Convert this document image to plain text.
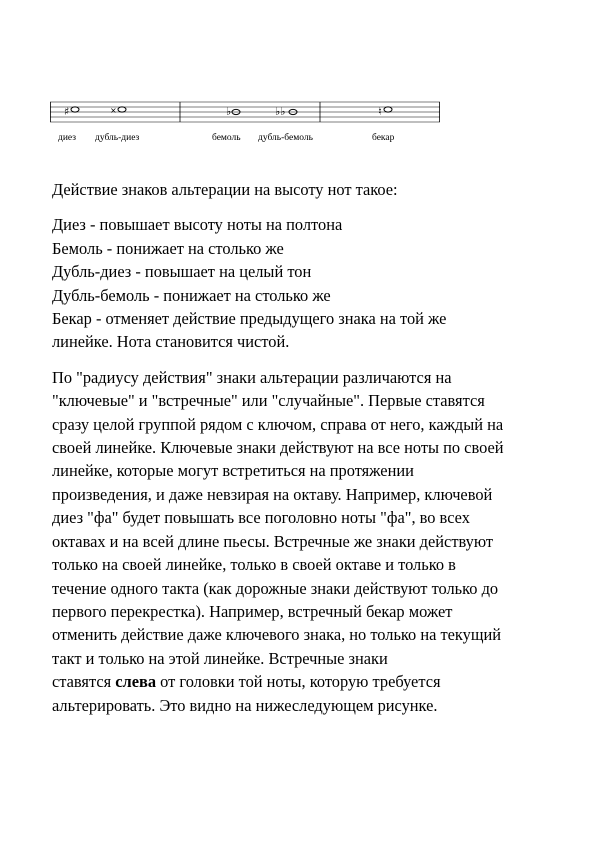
♯	×	♭	♭♭	♮
диез дубль-диез	бемоль дубль-бемоль	бекар

Действие знаков альтерации на высоту нот такое:

Диез - повышает высоту ноты на полтона
Бемоль - понижает на столько же
Дубль-диез - повышает на целый тон
Дубль-бемоль - понижает на столько же
Бекар - отменяет действие предыдущего знака на той же
линейке. Нота становится чистой.
По "радиусу действия" знаки альтерации различаются на
"ключевые" и "встречные" или "случайные". Первые ставятся
сразу целой группой рядом с ключом, справа от него, каждый на
своей линейке. Ключевые знаки действуют на все ноты по своей
линейке, которые могут встретиться на протяжении
произведения, и даже невзирая на октаву. Например, ключевой
диез "фа" будет повышать все поголовно ноты "фа", во всех
октавах и на всей длине пьесы. Встречные же знаки действуют
только на своей линейке, только в своей октаве и только в
течение одного такта (как дорожные знаки действуют только до
первого перекрестка). Например, встречный бекар может
отменить действие даже ключевого знака, но только на текущий
такт и только на этой линейке. Встречные знаки
ставятся слева от головки той ноты, которую требуется
альтерировать. Это видно на нижеследующем рисунке.
